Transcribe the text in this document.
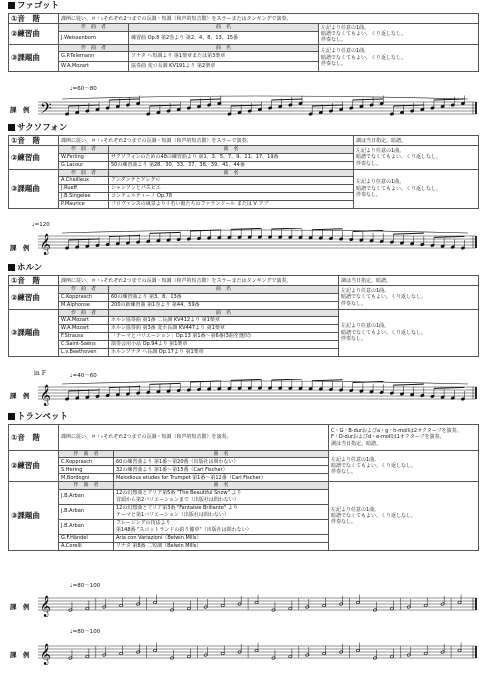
ファゴット
①音　階	課例に従い、＃・♭それぞれ2つまでの長調・短調（和声的短音階）をスラーまたはタンギングで演奏。		
②練習曲	作　曲　者	曲　名	左記より任意の1曲。
暗譜でなくてもよい。くり返しなし。
伴奏なし。
	J.Weissenborn	練習曲 Op.8 第2巻より 第2、4、8、13、15番	
③課題曲	作　曲　者	曲　名	左記より任意の1曲。
暗譜でなくてもよい。くり返しなし。
伴奏なし。
	G.P.Telemann	ソナタ へ短調より 第1楽章または第3楽章	
	W.A.Mozart	協奏曲 変ロ長調 KV191より 第2楽章	
♩=60～80
課　例 𝄢
サクソフォン
①音　階	課例に従い、＃・♭それぞれ2つまでの長調・短調（和声的短音階）をスラーで演奏。		調は当日指定。暗譜。
②練習曲	作　曲　者	曲　名	左記より任意の1曲。
暗譜でなくてもよい。くり返しなし。
伴奏なし。
	W.Ferling	サクソフォンのための48の練習曲より 第1、3、5、7、9、11、17、19番	
	G.Lacour	50の練習曲より 第28、30、33、37、38、39、41、44番	
③課題曲	作　曲　者	曲　名	左記より任意の1曲。
暗譜でなくてもよい。くり返しなし。
伴奏なし。
	A.Chailleux	アンダンテとアレグロ	
	J.Rueff	シャンソンとパスピエ	
	J.B.Singelee	コンチェルティーノ Op.78	
	P.Maurice	プロヴァンスの風景より Ⅰ 若い娘たちのファランドール または Ⅴ アブ	
♩=120
課　例 𝄞
ホルン
①音　階	課例に従い、＃・♭それぞれ2つまでの長調・短調（和声的短音階）をスラーまたはタンギングで演奏。		調は当日指定。暗譜。
②練習曲	作　曲　者	曲　名	左記より任意の1曲。
暗譜でなくてもよい。くり返しなし。
伴奏なし。
	C.Kopprasch	60の練習曲より 第3、8、13番	
	M.Alphonse	200の新練習曲 第1巻より 第44、59番	
③課題曲	作　曲　者	曲　名	左記より任意の1曲。
暗譜でなくてもよい。くり返しなし。
伴奏なし。
	W.A.Mozart	ホルン協奏曲 第1番 二長調 KV412より 第1楽章	
	W.A.Mozart	ホルン協奏曲 第3番 変ホ長調 KV447より 第1楽章	
	F.Strauss	「テーマとバリエーション」Op.13 第1番～第6番(3曲を選択)	
	C.Saint-Saëns	演奏会用小品 Op.94より 第1楽章	
	L.v.Beethoven	ホルンソナタ へ長調 Op.17より 第1楽章	
in F	♩=40～60
課　例 𝄞
トランペット
①音　階	課例に従い、＃・♭それぞれ2つまでの長調・短調（和声的短音階）を演奏。		C・G・B-durおよびa・g・h-mollは2オクターブを演奏。
F・D-durおよびd・e-mollは1オクターブを演奏。
調は当日指定。暗譜。
②練習曲	作　曲　者	曲　名	左記より任意の1曲。
暗譜でなくてもよい。くり返しなし。
伴奏なし。
	C.Kopprasch	60の練習曲より 第1番～第20番（出版社は問わない）	
	S.Hering	32の練習曲より 第1番～第15番（Carl Fischer）	
	M.Bordogni	Melodious etudes for Trumpet 第1番～第12番（Carl Fischer）	
③課題曲	作　曲　者	曲　名	左記より任意の1曲。
暗譜でなくてもよい。くり返しなし。
伴奏なし。
	J.B.Arban	12の幻想曲とアリア第5番 "The Beautiful Snow" より
冒頭から第2バリエーションまで（出版社は問わない）	
	J.B.Arban	12の幻想曲とアリア第3番 "Fantaisie Brillante" より
テーマと第1バリエーション（出版社は問わない）	
	J.B.Arban	フレージングの技法より
第148番 "スコットランドの釣り鐘草"（出版社は問わない）	
	G.F.Händel	Aria con Variazioni（Belwin Mills）	
	A.Corelli	ソナタ 第8番 二短調（Belwin Mills）	
♩=80～100
課　例 𝄞
♩=80～100
課　例 𝄞
